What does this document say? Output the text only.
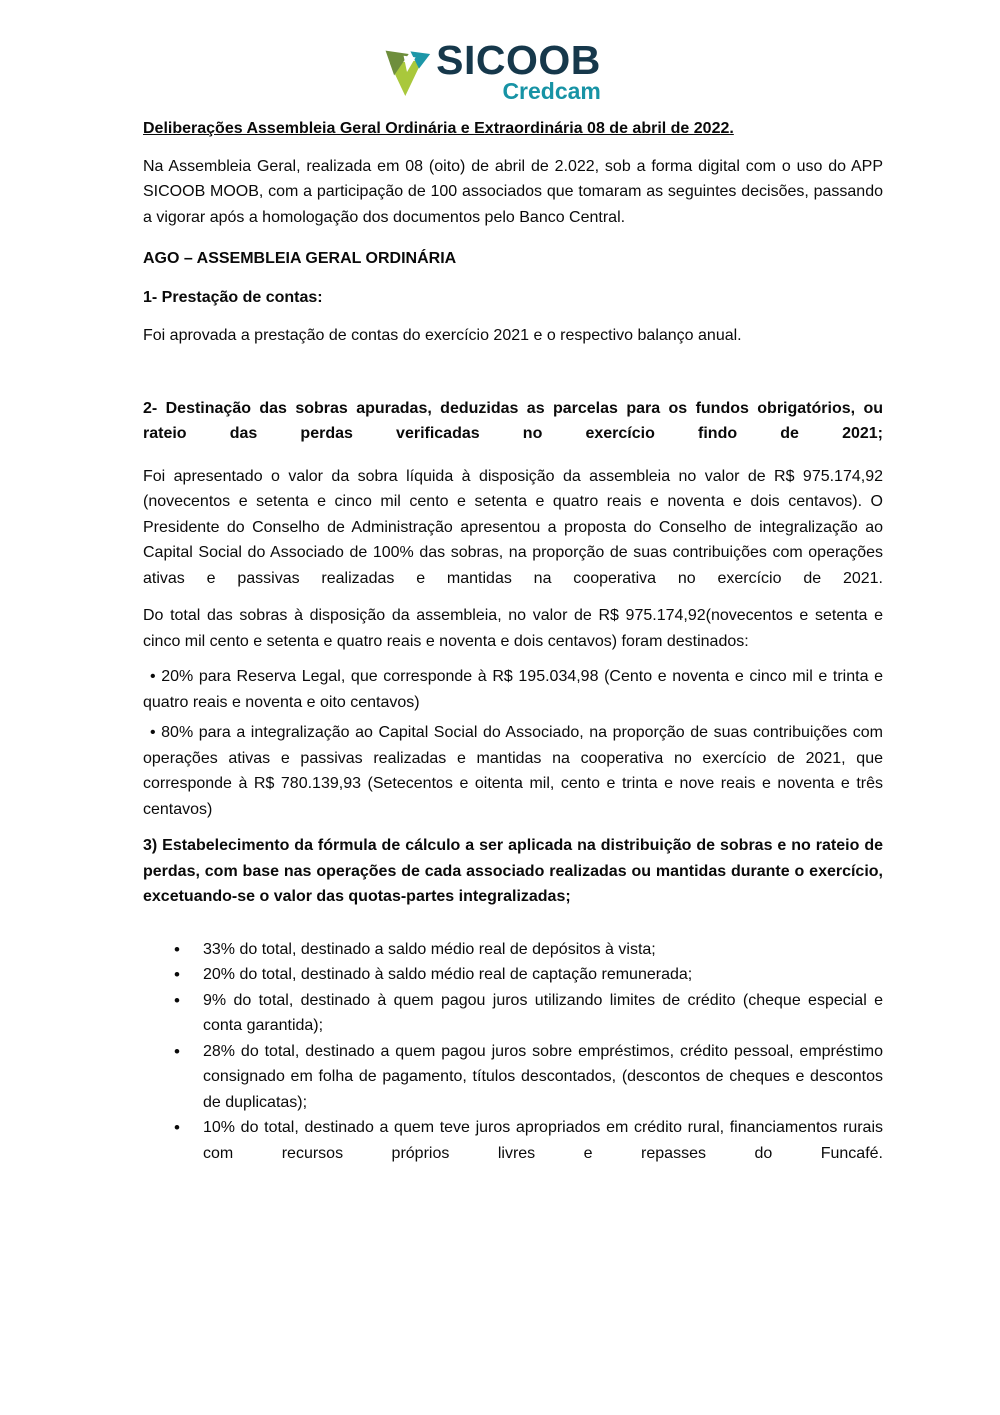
SICOOB
Credcam

Deliberações Assembleia Geral Ordinária e Extraordinária 08 de abril de 2022.

Na Assembleia Geral, realizada em 08 (oito) de abril de 2.022, sob a forma digital com o uso do APP SICOOB MOOB, com a participação de 100 associados que tomaram as seguintes decisões, passando a vigorar após a homologação dos documentos pelo Banco Central.

AGO – ASSEMBLEIA GERAL ORDINÁRIA

1- Prestação de contas:

Foi aprovada a prestação de contas do exercício 2021 e o respectivo balanço anual.

2- Destinação das sobras apuradas, deduzidas as parcelas para os fundos obrigatórios, ou rateio das perdas verificadas no exercício findo de 2021;

Foi apresentado o valor da sobra líquida à disposição da assembleia no valor de R$ 975.174,92 (novecentos e setenta e cinco mil cento e setenta e quatro reais e noventa e dois centavos). O Presidente do Conselho de Administração apresentou a proposta do Conselho de integralização ao Capital Social do Associado de 100% das sobras, na proporção de suas contribuições com operações ativas e passivas realizadas e mantidas na cooperativa no exercício de 2021.

Do total das sobras à disposição da assembleia, no valor de R$ 975.174,92(novecentos e setenta e cinco mil cento e setenta e quatro reais e noventa e dois centavos) foram destinados:

• 20% para Reserva Legal, que corresponde à R$ 195.034,98 (Cento e noventa e cinco mil e trinta e quatro reais e noventa e oito centavos)

• 80% para a integralização ao Capital Social do Associado, na proporção de suas contribuições com operações ativas e passivas realizadas e mantidas na cooperativa no exercício de 2021, que corresponde à R$ 780.139,93 (Setecentos e oitenta mil, cento e trinta e nove reais e noventa e três centavos)

3) Estabelecimento da fórmula de cálculo a ser aplicada na distribuição de sobras e no rateio de perdas, com base nas operações de cada associado realizadas ou mantidas durante o exercício, excetuando-se o valor das quotas-partes integralizadas;

• 33% do total, destinado a saldo médio real de depósitos à vista;
• 20% do total, destinado à saldo médio real de captação remunerada;
• 9% do total, destinado à quem pagou juros utilizando limites de crédito (cheque especial e conta garantida);
• 28% do total, destinado a quem pagou juros sobre empréstimos, crédito pessoal, empréstimo consignado em folha de pagamento, títulos descontados, (descontos de cheques e descontos de duplicatas);
• 10% do total, destinado a quem teve juros apropriados em crédito rural, financiamentos rurais com recursos próprios livres e repasses do Funcafé.
